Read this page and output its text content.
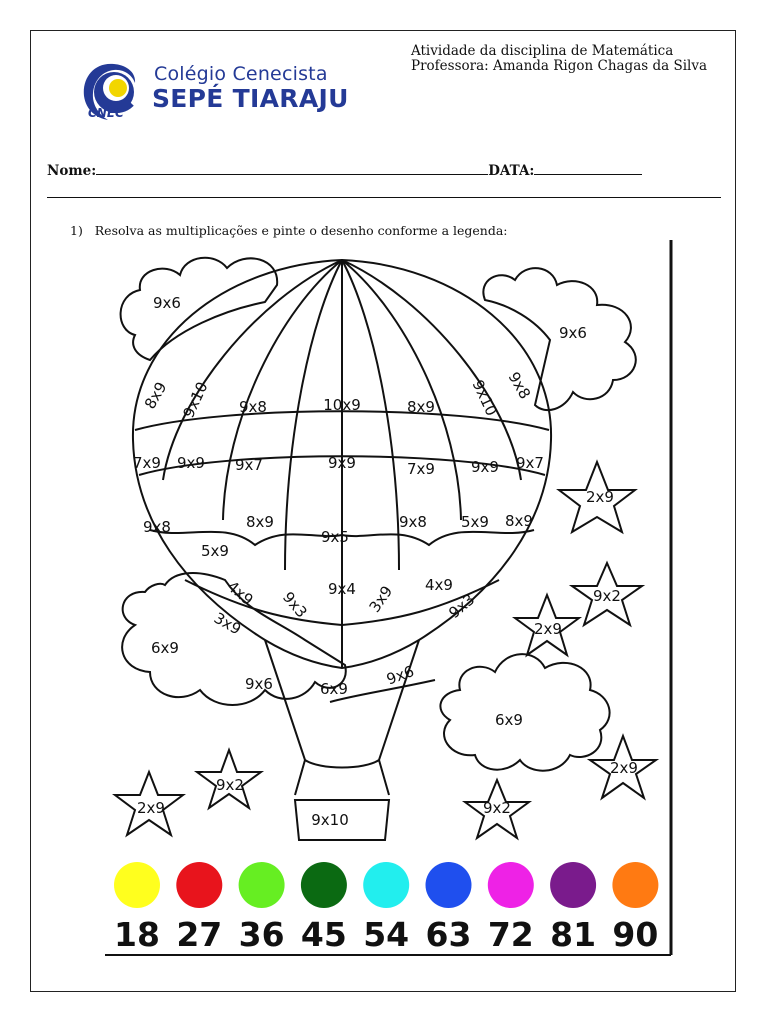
CNEC
Colégio Cenecista
SEPÉ TIARAJU
Atividade da disciplina de Matemática
Professora: Amanda Rigon Chagas da Silva
Nome:	DATA:
1) Resolva as multiplicações e pinte o desenho conforme a legenda:
8x9 9x10 9x8	10x9	8x9 9x10 9x8
7x9 9x9 9x7	9x9	7x9 9x9 9x7
9x8	8x9
9x5
9x8 5x9 8x9
5x9
4x9 9x3 9x4 3x9 4x9
9x3
3x9
9x6	6x9
9x6
9x10
9x6
9x6
6x9
6x9
2x9
9x2
2x9
2x9
9x2
2x9	9x2
18 27 36 45 54 63 72 81 90
